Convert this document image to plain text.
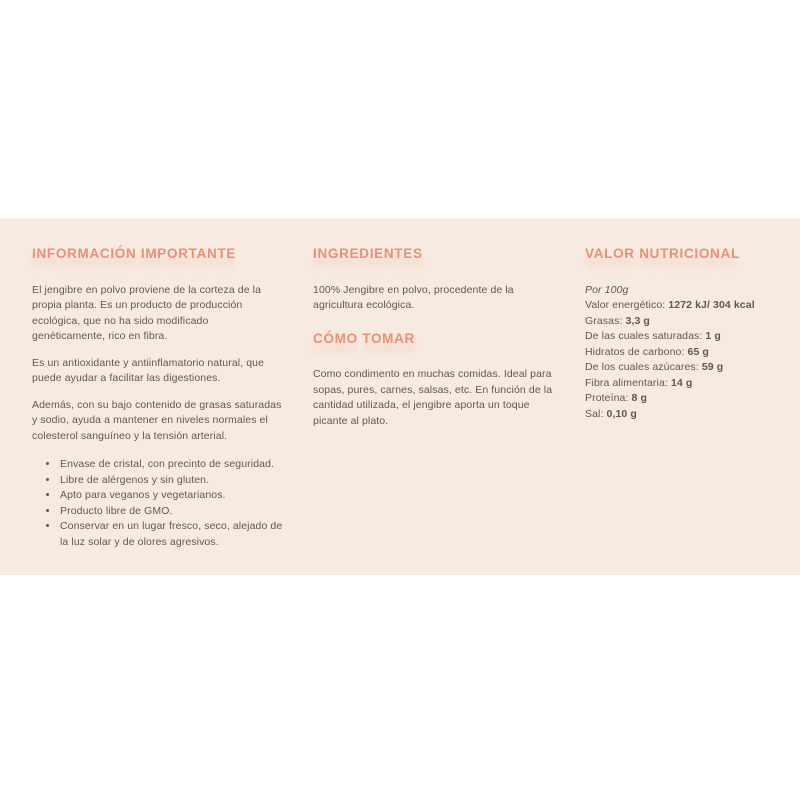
INFORMACIÓN IMPORTANTE

El jengibre en polvo proviene de la corteza de la propia planta. Es un producto de producción ecológica, que no ha sido modificado genéticamente, rico en fibra.

Es un antioxidante y antiinflamatorio natural, que puede ayudar a facilitar las digestiones.

Además, con su bajo contenido de grasas saturadas y sodio, ayuda a mantener en niveles normales el colesterol sanguíneo y la tensión arterial.

• Envase de cristal, con precinto de seguridad.
• Libre de alérgenos y sin gluten.
• Apto para veganos y vegetarianos.
• Producto libre de GMO.
• Conservar en un lugar fresco, seco, alejado de la luz solar y de olores agresivos.
INGREDIENTES

100% Jengibre en polvo, procedente de la agricultura ecológica.

CÓMO TOMAR

Como condimento en muchas comidas. Ideal para sopas, pures, carnes, salsas, etc. En función de la cantidad utilizada, el jengibre aporta un toque picante al plato.

VALOR NUTRICIONAL
Por 100g
Valor energético: 1272 kJ/ 304 kcal
Grasas: 3,3 g
De las cuales saturadas: 1 g
Hidratos de carbono: 65 g
De los cuales azúcares: 59 g
Fibra alimentaria: 14 g
Proteína: 8 g
Sal: 0,10 g
